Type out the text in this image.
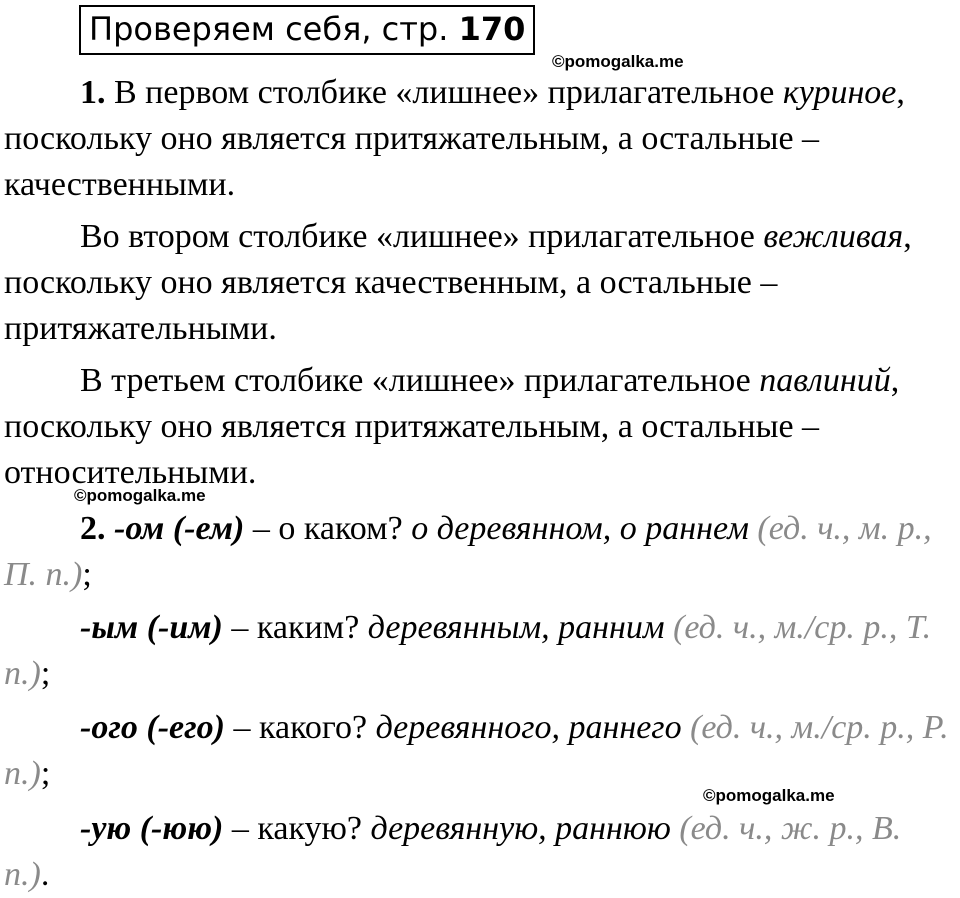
Проверяем себя, стр. 170
©pomogalka.me

1. В первом столбике «лишнее» прилагательное куриное, поскольку оно является притяжательным, а остальные – качественными.

Во втором столбике «лишнее» прилагательное вежливая, поскольку оно является качественным, а остальные – притяжательными.

В третьем столбике «лишнее» прилагательное павлиний, поскольку оно является притяжательным, а остальные – относительными.

©pomogalka.me

2. -ом (-ем) – о каком? о деревянном, о раннем (ед. ч., м. р., П. п.);

-ым (-им) – каким? деревянным, ранним (ед. ч., м./ср. р., Т. п.);

-ого (-его) – какого? деревянного, раннего (ед. ч., м./ср. р., Р. п.);

©pomogalka.me

-ую (-юю) – какую? деревянную, раннюю (ед. ч., ж. р., В. п.).
